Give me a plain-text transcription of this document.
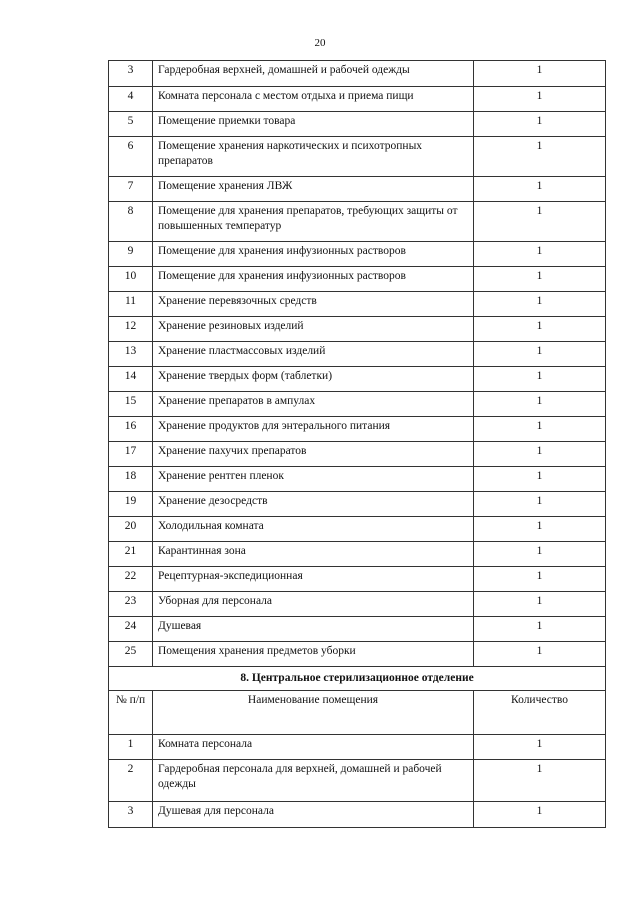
20
3	Гардеробная верхней, домашней и рабочей одежды	1

4	Комната персонала с местом отдыха и приема пищи	1

5	Помещение приемки товара	1

6	Помещение хранения наркотических и психотропных препаратов	1

7	Помещение хранения ЛВЖ	1

8	Помещение для хранения препаратов, требующих защиты от повышенных температур	1

9	Помещение для хранения инфузионных растворов	1

10	Помещение для хранения инфузионных растворов	1

11	Хранение перевязочных средств	1

12	Хранение резиновых изделий	1

13	Хранение пластмассовых изделий	1

14	Хранение твердых форм (таблетки)	1

15	Хранение препаратов в ампулах	1

16	Хранение продуктов для энтерального питания	1

17	Хранение пахучих препаратов	1

18	Хранение рентген пленок	1

19	Хранение дезосредств	1

20	Холодильная комната	1

21	Карантинная зона	1

22	Рецептурная-экспедиционная	1

23	Уборная для персонала	1

24	Душевая	1

25	Помещения хранения предметов уборки	1

8. Центральное стерилизационное отделение		

№ п/п	Наименование помещения	Количество

1	Комната персонала	1

2	Гардеробная персонала для верхней, домашней и рабочей одежды	1

3	Душевая для персонала	1
